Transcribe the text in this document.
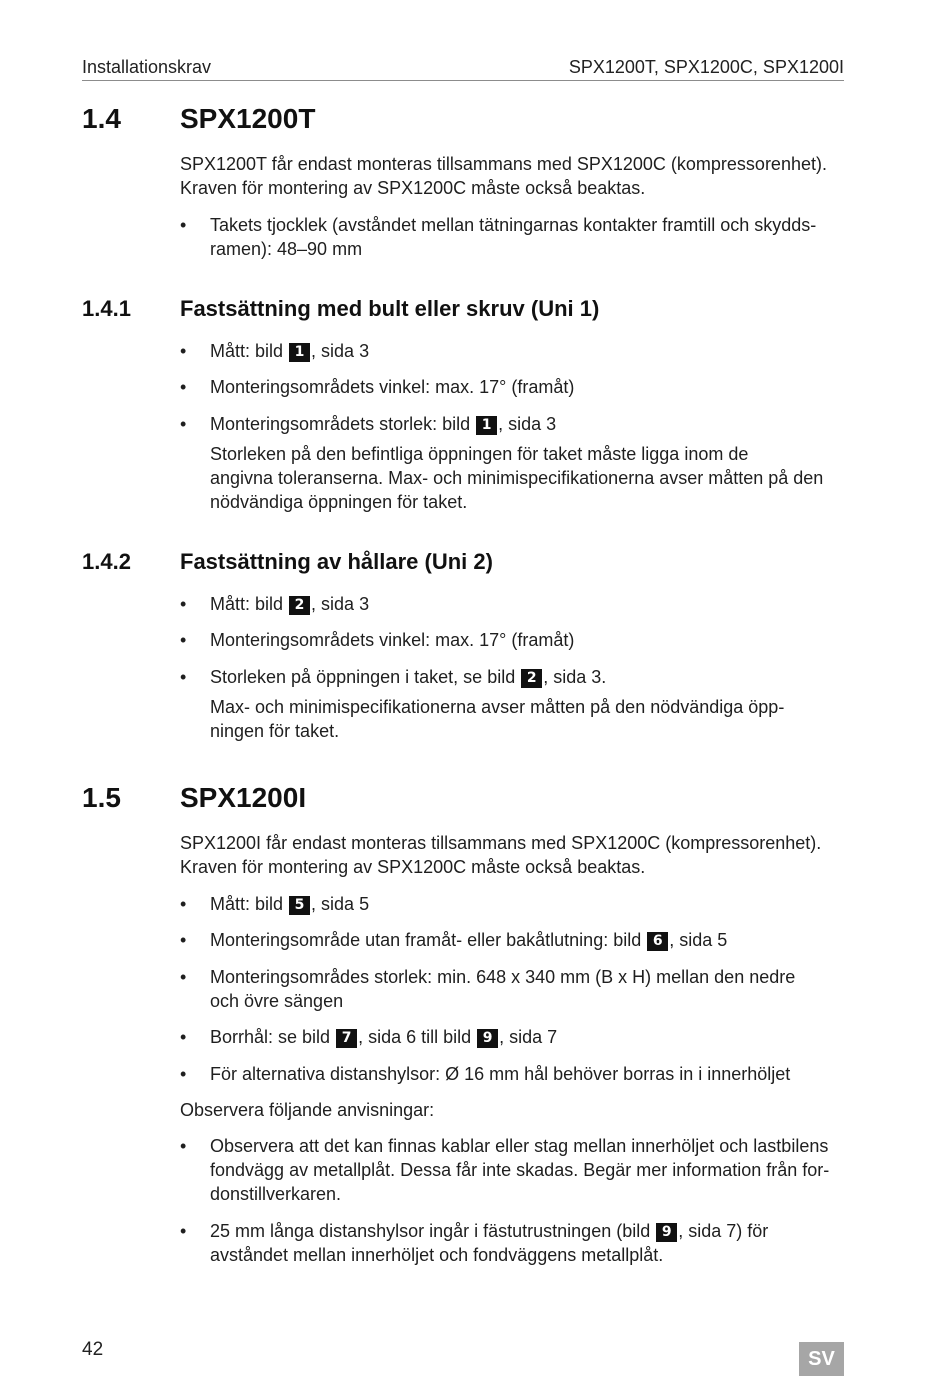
Installationskrav	SPX1200T, SPX1200C, SPX1200I
1.4 SPX1200T
SPX1200T får endast monteras tillsammans med SPX1200C (kompressorenhet).
Kraven för montering av SPX1200C måste också beaktas.
• Takets tjocklek (avståndet mellan tätningarnas kontakter framtill och skydds-
ramen): 48–90 mm
1.4.1 Fastsättning med bult eller skruv (Uni 1)
• Mått: bild 1 , sida 3
• Monteringsområdets vinkel: max. 17° (framåt)
• Monteringsområdets storlek: bild 1 , sida 3
Storleken på den befintliga öppningen för taket måste ligga inom de
angivna toleranserna. Max- och minimispecifikationerna avser måtten på den
nödvändiga öppningen för taket.
1.4.2 Fastsättning av hållare (Uni 2)
• Mått: bild 2 , sida 3
• Monteringsområdets vinkel: max. 17° (framåt)
• Storleken på öppningen i taket, se bild 2 , sida 3.
Max- och minimispecifikationerna avser måtten på den nödvändiga öpp-
ningen för taket.
1.5 SPX1200I
SPX1200I får endast monteras tillsammans med SPX1200C (kompressorenhet).
Kraven för montering av SPX1200C måste också beaktas.
• Mått: bild 5 , sida 5
• Monteringsområde utan framåt- eller bakåtlutning: bild 6 , sida 5
• Monteringsområdes storlek: min. 648 x 340 mm (B x H) mellan den nedre
och övre sängen
• Borrhål: se bild 7 , sida 6 till bild 9 , sida 7
• För alternativa distanshylsor: Ø 16 mm hål behöver borras in i innerhöljet
Observera följande anvisningar:
• Observera att det kan finnas kablar eller stag mellan innerhöljet och lastbilens
fondvägg av metallplåt. Dessa får inte skadas. Begär mer information från for-
donstillverkaren.
• 25 mm långa distanshylsor ingår i fästutrustningen (bild 9 , sida 7) för
avståndet mellan innerhöljet och fondväggens metallplåt.
42	SV
